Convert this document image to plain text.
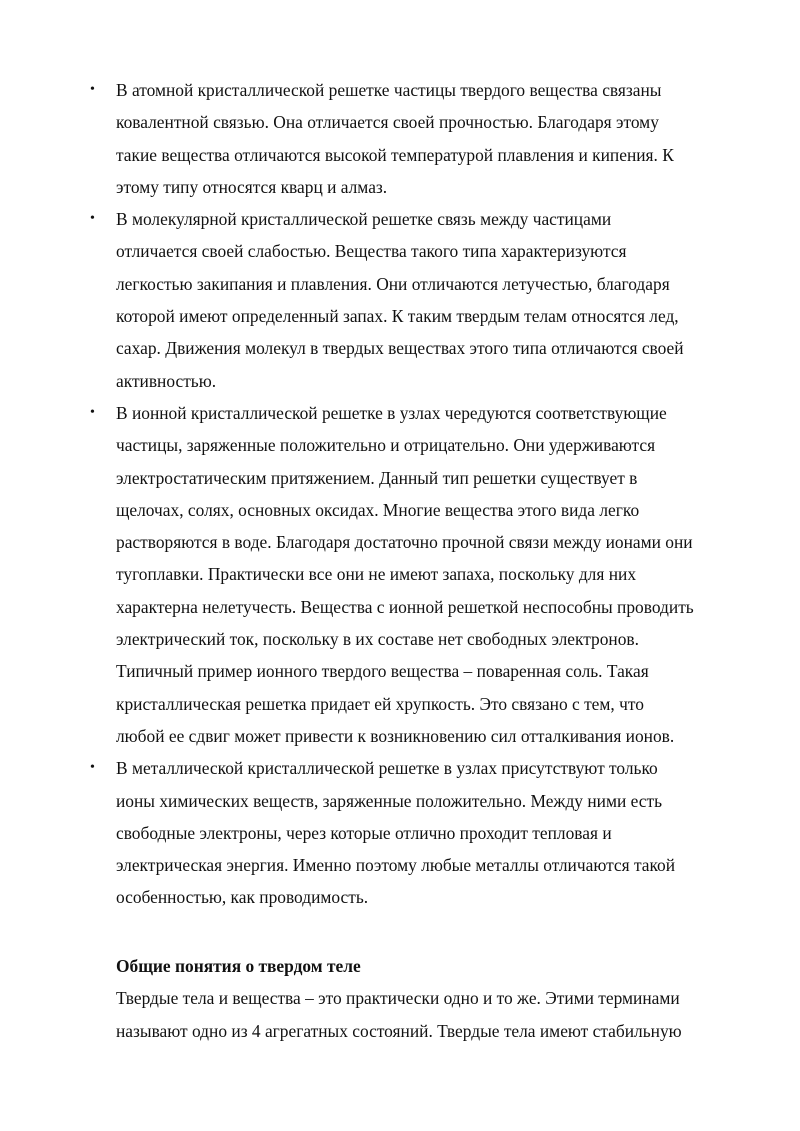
• В атомной кристаллической решетке частицы твердого вещества связаны
ковалентной связью. Она отличается своей прочностью. Благодаря этому
такие вещества отличаются высокой температурой плавления и кипения. К
этому типу относятся кварц и алмаз.
• В молекулярной кристаллической решетке связь между частицами
отличается своей слабостью. Вещества такого типа характеризуются
легкостью закипания и плавления. Они отличаются летучестью, благодаря
которой имеют определенный запах. К таким твердым телам относятся лед,
сахар. Движения молекул в твердых веществах этого типа отличаются своей
активностью.
• В ионной кристаллической решетке в узлах чередуются соответствующие
частицы, заряженные положительно и отрицательно. Они удерживаются
электростатическим притяжением. Данный тип решетки существует в
щелочах, солях, основных оксидах. Многие вещества этого вида легко
растворяются в воде. Благодаря достаточно прочной связи между ионами они
тугоплавки. Практически все они не имеют запаха, поскольку для них
характерна нелетучесть. Вещества с ионной решеткой неспособны проводить
электрический ток, поскольку в их составе нет свободных электронов.
Типичный пример ионного твердого вещества – поваренная соль. Такая
кристаллическая решетка придает ей хрупкость. Это связано с тем, что
любой ее сдвиг может привести к возникновению сил отталкивания ионов.
• В металлической кристаллической решетке в узлах присутствуют только
ионы химических веществ, заряженные положительно. Между ними есть
свободные электроны, через которые отлично проходит тепловая и
электрическая энергия. Именно поэтому любые металлы отличаются такой
особенностью, как проводимость.
Общие понятия о твердом теле

Твердые тела и вещества – это практически одно и то же. Этими терминами
называют одно из 4 агрегатных состояний. Твердые тела имеют стабильную
